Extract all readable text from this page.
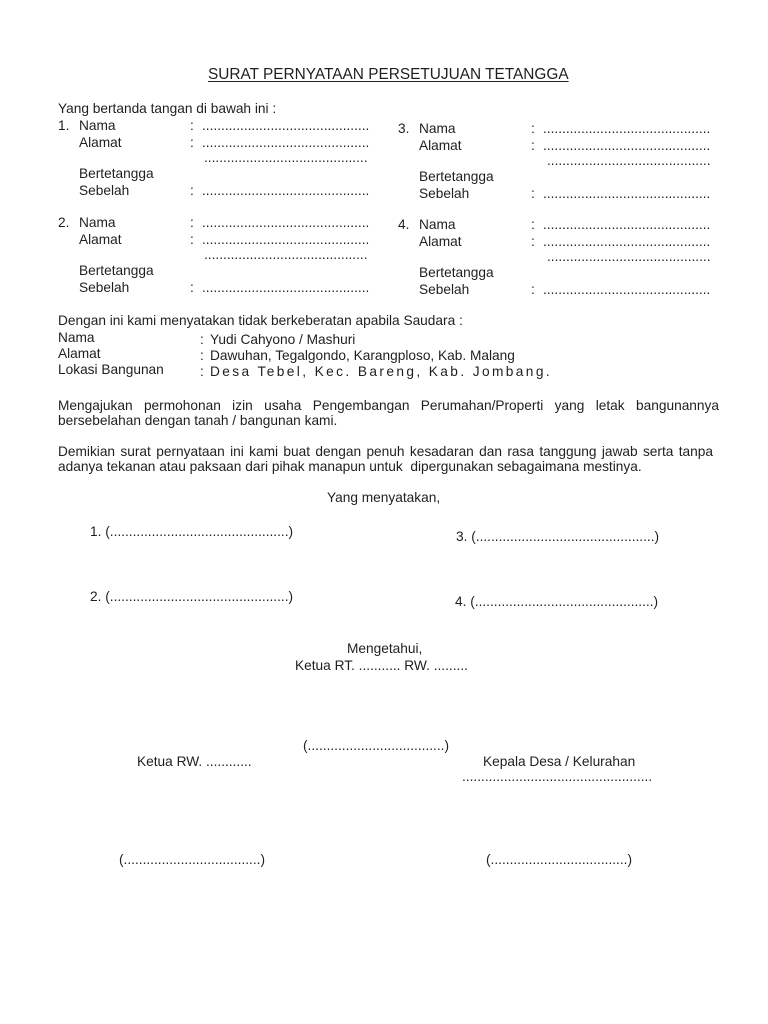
SURAT PERNYATAAN PERSETUJUAN TETANGGA
Yang bertanda tangan di bawah ini :
1. Nama	: ............................................
Alamat	: ............................................
...........................................
Bertetangga
Sebelah	: ............................................
2. Nama	: ............................................
Alamat	: ............................................
...........................................
Bertetangga
Sebelah	: ............................................
3. Nama	: ............................................
Alamat	: ............................................
...........................................
Bertetangga
Sebelah	: ............................................
4. Nama	: ............................................
Alamat	: ............................................
...........................................
Bertetangga
Sebelah	: ............................................
Dengan ini kami menyatakan tidak berkeberatan apabila Saudara :
Nama	: Yudi Cahyono / Mashuri
Alamat	: Dawuhan, Tegalgondo, Karangploso, Kab. Malang
Lokasi Bangunan	: Desa Tebel, Kec. Bareng, Kab. Jombang.
Mengajukan permohonan izin usaha Pengembangan Perumahan/Properti yang letak bangunannya bersebelahan dengan tanah / bangunan kami.
Demikian surat pernyataan ini kami buat dengan penuh kesadaran dan rasa tanggung jawab serta tanpa adanya tekanan atau paksaan dari pihak manapun untuk  dipergunakan sebagaimana mestinya.
Yang menyatakan,
1. (...............................................)
2. (...............................................)
3. (...............................................)
4. (...............................................)
Mengetahui,
Ketua RT. ........... RW. .........
(....................................)
Ketua RW. ............	Kepala Desa / Kelurahan
..................................................
(....................................)	(....................................)
